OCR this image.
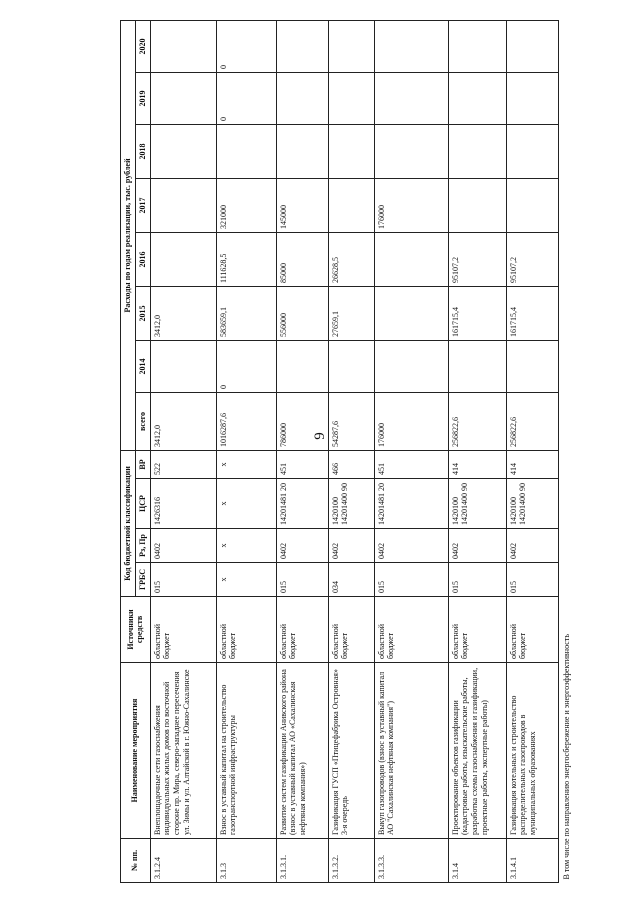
9
№ пп.	Наименование мероприятия	Источники средств	Код бюджетной классификации				Расходы по годам реализации, тыс. рублей							
			ГРБС	Рз, Пр	ЦСР	ВР	всего	2014	2015	2016	2017	2018	2019	2020
3.1.2.4	Внеплощадочные сети газоснабжения индивидуальных жилых домов по восточной стороне пр. Мира, северо-западнее пересечения ул. Зимы и ул. Алтайской в г. Южно-Сахалинске	областной бюджет	015	0402	1426316	522	3412,0		3412,0					
3.1.3	Взнос в уставный капитал на строительство газотранспортной инфраструктуры	областной бюджет	х	х	х	х	1016287,6	0	583659,1	111628,5	321000		0	0
3.1.3.1.	Развитие систем газификации Анивского района (взнос в уставный капитал АО «Сахалинская нефтяная компания»)	областной бюджет	015	0402	14201481 20	451	786000		556000	85000	145000			
3.1.3.2.	Газификация ГУСП «Птицефабрика Островная» 3-я очередь	областной бюджет	034	0402	1420100 14201400 90	466	54287,6		27659,1	26628,5				
3.1.3.3.	Выкуп газопроводов (взнос в уставный капитал АО "Сахалинская нефтяная компания")	областной бюджет	015	0402	14201481 20	451	176000				176000			
3.1.4	Проектирование объектов газификации (кадастровые работы, изыскательские работы, разработка схемы газоснабжения и газификации, проектные работы, экспертные работы)	областной бюджет	015	0402	1420100 14201400 90	414	256822,6		161715,4	95107,2				
3.1.4.1	Газификация котельных и строительство распределительных газопроводов в муниципальных образованиях	областной бюджет	015	0402	1420100 14201400 90	414	256822,6		161715,4	95107,2				
В том числе по направлению энергосбережение и энергоэффективность														
